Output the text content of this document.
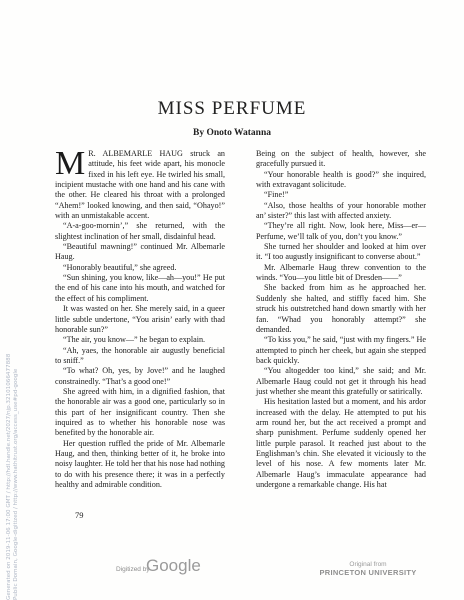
MISS PERFUME
By Onoto Watanna

M R. ALBEMARLE HAUG struck an attitude, his feet wide apart, his monocle fixed in his left eye. He twirled his small, incipient mustache with one hand and his cane with the other. He cleared his throat with a prolonged “Ahem!” looked knowing, and then said, “Ohayo!” with an unmistakable accent.

“A-a-goo-mornin’,” she returned, with the slightest inclination of her small, disdainful head.

“Beautiful mawning!” continued Mr. Albemarle Haug.

“Honorably beautiful,” she agreed.

“Sun shining, you know, like—ah—you!” He put the end of his cane into his mouth, and watched for the effect of his compliment.

It was wasted on her. She merely said, in a queer little subtle undertone, “You arisin’ early with thad honorable sun?”

“The air, you know—” he began to explain.

“Ah, yaes, the honorable air augustly beneficial to sniff.”

“To what? Oh, yes, by Jove!” and he laughed constrainedly. “That’s a good one!”

She agreed with him, in a dignified fashion, that the honorable air was a good one, particularly so in this part of her insignificant country. Then she inquired as to whether his honorable nose was benefited by the honorable air.

Her question ruffled the pride of Mr. Albemarle Haug, and then, thinking better of it, he broke into noisy laughter. He told her that his nose had nothing to do with his presence there; it was in a perfectly healthy and admirable condition.

Being on the subject of health, however, she gracefully pursued it.

“Your honorable health is good?” she inquired, with extravagant solicitude.

“Fine!”

“Also, those healths of your honorable mother an’ sister?” this last with affected anxiety.

“They’re all right. Now, look here, Miss—er—Perfume, we’ll talk of you, don’t you know.”

She turned her shoulder and looked at him over it. “I too augustly insignificant to converse about.”

Mr. Albemarle Haug threw convention to the winds. “You—you little bit of Dresden——”

She backed from him as he approached her. Suddenly she halted, and stiffly faced him. She struck his outstretched hand down smartly with her fan. “Whad you honorably attempt?” she demanded.

“To kiss you,” he said, “just with my fingers.” He attempted to pinch her cheek, but again she stepped back quickly.

“You altogedder too kind,” she said; and Mr. Albemarle Haug could not get it through his head just whether she meant this gratefully or satirically.

His hesitation lasted but a moment, and his ardor increased with the delay. He attempted to put his arm round her, but the act received a prompt and sharp punishment. Perfume suddenly opened her little purple parasol. It reached just about to the Englishman’s chin. She elevated it viciously to the level of his nose. A few moments later Mr. Albemarle Haug’s immaculate appearance had undergone a remarkable change. His hat

79
Generated on 2019-11-06 17:00 GMT / http://hdl.handle.net/2027/njp.32101066477888 Public Domain, Google-digitized / http://www.hathitrust.org/access_use#pd-google	Digitized by
Google	Original from
PRINCETON UNIVERSITY
